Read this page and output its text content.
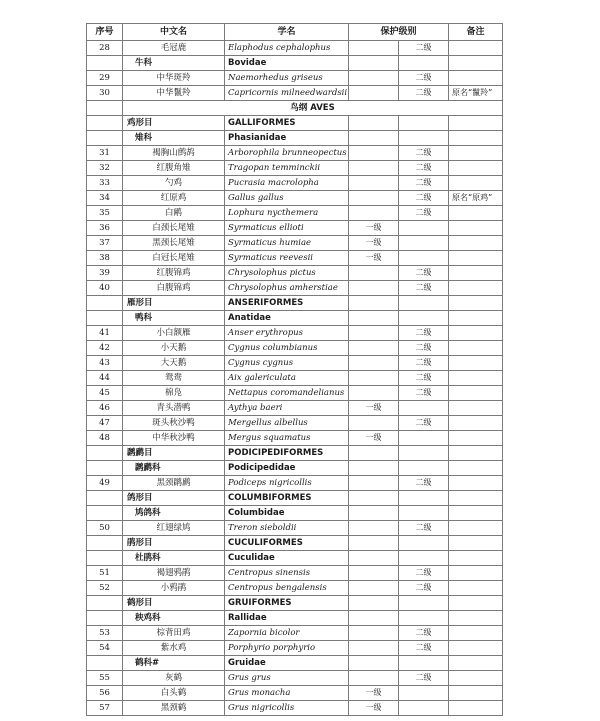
序号	中文名	学名	保护级别		备注
28	毛冠鹿	Elaphodus cephalophus		二级	
	牛科	Bovidae			
29	中华斑羚	Naemorhedus griseus		二级	
30	中华鬣羚	Capricornis milneedwardsii		二级	原名“鬣羚”
	鸟纲 AVES				
	鸡形目	GALLIFORMES			
	雉科	Phasianidae			
31	褐胸山鹧鸪	Arborophila brunneopectus		二级	
32	红腹角雉	Tragopan temminckii		二级	
33	勺鸡	Pucrasia macrolopha		二级	
34	红原鸡	Gallus gallus		二级	原名“原鸡”
35	白鹇	Lophura nycthemera		二级	
36	白颈长尾雉	Syrmaticus ellioti	一级		
37	黑颈长尾雉	Syrmaticus humiae	一级		
38	白冠长尾雉	Syrmaticus reevesii	一级		
39	红腹锦鸡	Chrysolophus pictus		二级	
40	白腹锦鸡	Chrysolophus amherstiae		二级	
	雁形目	ANSERIFORMES			
	鸭科	Anatidae			
41	小白额雁	Anser erythropus		二级	
42	小天鹅	Cygnus columbianus		二级	
43	大天鹅	Cygnus cygnus		二级	
44	鸳鸯	Aix galericulata		二级	
45	棉凫	Nettapus coromandelianus		二级	
46	青头潜鸭	Aythya baeri	一级		
47	斑头秋沙鸭	Mergellus albellus		二级	
48	中华秋沙鸭	Mergus squamatus	一级		
	䴙䴘目	PODICIPEDIFORMES			
	䴙䴘科	Podicipedidae			
49	黑颈䴙䴘	Podiceps nigricollis		二级	
	鸽形目	COLUMBIFORMES			
	鸠鸽科	Columbidae			
50	红翅绿鸠	Treron sieboldii		二级	
	鹃形目	CUCULIFORMES			
	杜鹃科	Cuculidae			
51	褐翅鸦鹃	Centropus sinensis		二级	
52	小鸦鹃	Centropus bengalensis		二级	
	鹤形目	GRUIFORMES			
	秧鸡科	Rallidae			
53	棕背田鸡	Zapornia bicolor		二级	
54	紫水鸡	Porphyrio porphyrio		二级	
	鹤科#	Gruidae			
55	灰鹤	Grus grus		二级	
56	白头鹤	Grus monacha	一级		
57	黑颈鹤	Grus nigricollis	一级		
